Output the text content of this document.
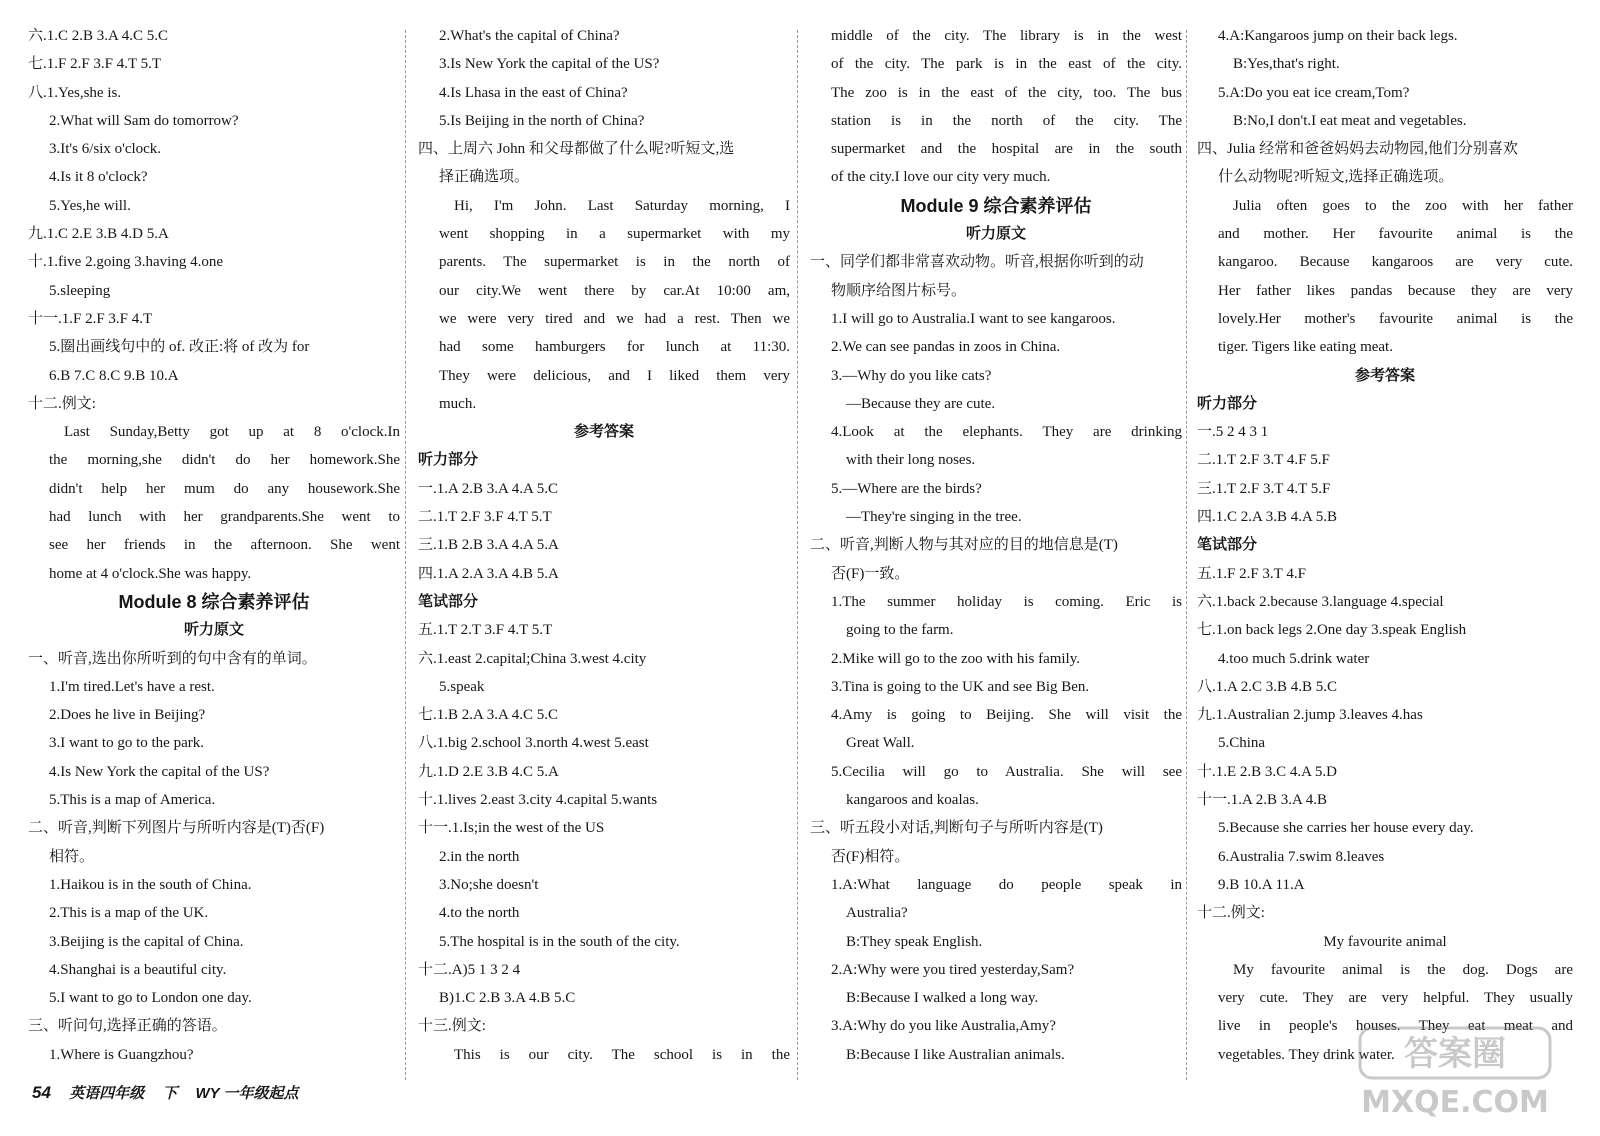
六.1.C 2.B 3.A 4.C 5.C
七.1.F 2.F 3.F 4.T 5.T
八.1.Yes,she is.
2.What will Sam do tomorrow?
3.It's 6/six o'clock.
4.Is it 8 o'clock?
5.Yes,he will.
九.1.C 2.E 3.B 4.D 5.A
十.1.five 2.going 3.having 4.one
5.sleeping
十一.1.F 2.F 3.F 4.T
5.圈出画线句中的 of. 改正:将 of 改为 for
6.B 7.C 8.C 9.B 10.A
十二.例文:
Last Sunday,Betty got up at 8 o'clock.In
the morning,she didn't do her homework.She
didn't help her mum do any housework.She
had lunch with her grandparents.She went to
see her friends in the afternoon. She went
home at 4 o'clock.She was happy.
Module 8 综合素养评估
听力原文
一、听音,选出你所听到的句中含有的单词。
1.I'm tired.Let's have a rest.
2.Does he live in Beijing?
3.I want to go to the park.
4.Is New York the capital of the US?
5.This is a map of America.
二、听音,判断下列图片与所听内容是(T)否(F)
相符。
1.Haikou is in the south of China.
2.This is a map of the UK.
3.Beijing is the capital of China.
4.Shanghai is a beautiful city.
5.I want to go to London one day.
三、听问句,选择正确的答语。
1.Where is Guangzhou?
2.What's the capital of China?
3.Is New York the capital of the US?
4.Is Lhasa in the east of China?
5.Is Beijing in the north of China?
四、上周六 John 和父母都做了什么呢?听短文,选
择正确选项。
Hi, I'm John. Last Saturday morning, I
went shopping in a supermarket with my
parents. The supermarket is in the north of
our city.We went there by car.At 10:00 am,
we were very tired and we had a rest. Then we
had some hamburgers for lunch at 11:30.
They were delicious, and I liked them very
much.
参考答案
听力部分
一.1.A 2.B 3.A 4.A 5.C
二.1.T 2.F 3.F 4.T 5.T
三.1.B 2.B 3.A 4.A 5.A
四.1.A 2.A 3.A 4.B 5.A
笔试部分
五.1.T 2.T 3.F 4.T 5.T
六.1.east 2.capital;China 3.west 4.city
5.speak
七.1.B 2.A 3.A 4.C 5.C
八.1.big 2.school 3.north 4.west 5.east
九.1.D 2.E 3.B 4.C 5.A
十.1.lives 2.east 3.city 4.capital 5.wants
十一.1.Is;in the west of the US
2.in the north
3.No;she doesn't
4.to the north
5.The hospital is in the south of the city.
十二.A)5 1 3 2 4
B)1.C 2.B 3.A 4.B 5.C
十三.例文:
This is our city. The school is in the
middle of the city. The library is in the west
of the city. The park is in the east of the city.
The zoo is in the east of the city, too. The bus
station is in the north of the city. The
supermarket and the hospital are in the south
of the city.I love our city very much.
Module 9 综合素养评估
听力原文
一、同学们都非常喜欢动物。听音,根据你听到的动
物顺序给图片标号。
1.I will go to Australia.I want to see kangaroos.
2.We can see pandas in zoos in China.
3.—Why do you like cats?
—Because they are cute.
4.Look at the elephants. They are drinking
with their long noses.
5.—Where are the birds?
—They're singing in the tree.
二、听音,判断人物与其对应的目的地信息是(T)
否(F)一致。
1.The summer holiday is coming. Eric is
going to the farm.
2.Mike will go to the zoo with his family.
3.Tina is going to the UK and see Big Ben.
4.Amy is going to Beijing. She will visit the
Great Wall.
5.Cecilia will go to Australia. She will see
kangaroos and koalas.
三、听五段小对话,判断句子与所听内容是(T)
否(F)相符。
1.A:What language do people speak in
Australia?
B:They speak English.
2.A:Why were you tired yesterday,Sam?
B:Because I walked a long way.
3.A:Why do you like Australia,Amy?
B:Because I like Australian animals.
4.A:Kangaroos jump on their back legs.
B:Yes,that's right.
5.A:Do you eat ice cream,Tom?
B:No,I don't.I eat meat and vegetables.
四、Julia 经常和爸爸妈妈去动物园,他们分别喜欢
什么动物呢?听短文,选择正确选项。
Julia often goes to the zoo with her father
and mother. Her favourite animal is the
kangaroo. Because kangaroos are very cute.
Her father likes pandas because they are very
lovely.Her mother's favourite animal is the
tiger. Tigers like eating meat.
参考答案
听力部分
一.5 2 4 3 1
二.1.T 2.F 3.T 4.F 5.F
三.1.T 2.F 3.T 4.T 5.F
四.1.C 2.A 3.B 4.A 5.B
笔试部分
五.1.F 2.F 3.T 4.F
六.1.back 2.because 3.language 4.special
七.1.on back legs 2.One day 3.speak English
4.too much 5.drink water
八.1.A 2.C 3.B 4.B 5.C
九.1.Australian 2.jump 3.leaves 4.has
5.China
十.1.E 2.B 3.C 4.A 5.D
十一.1.A 2.B 3.A 4.B
5.Because she carries her house every day.
6.Australia 7.swim 8.leaves
9.B 10.A 11.A
十二.例文:
My favourite animal
My favourite animal is the dog. Dogs are
very cute. They are very helpful. They usually
live in people's houses. They eat meat and
vegetables. They drink water.
54 英语四年级 下 WY 一年级起点
答案圈
MXQE.COM
